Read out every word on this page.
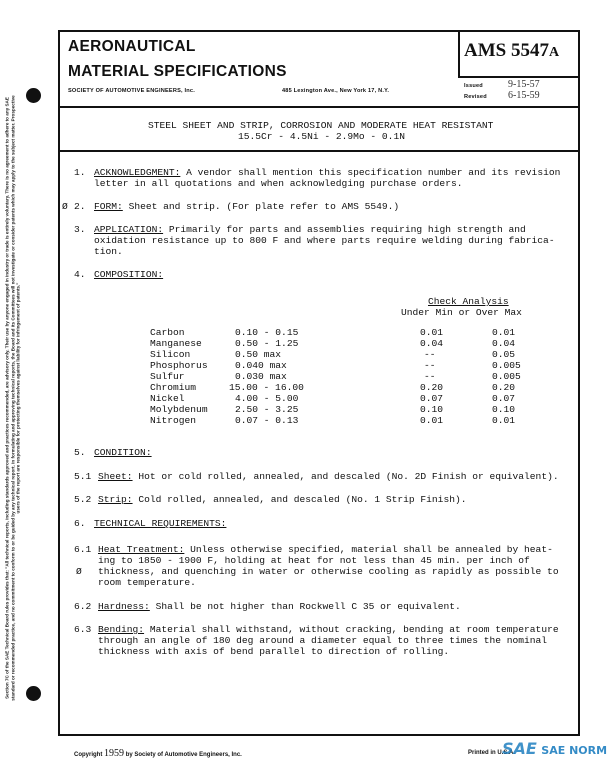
Section 7C of the SAE Technical Board rules provides that: "All technical reports, including standards approved and practices recommended, are advisory only. Their use by anyone engaged in industry or trade is entirely voluntary. There is no agreement to adhere to any SAE standard or recommended practice, and no commitment to conform to or be guided by any technical report. In formulating and approving technical reports, the Board and its Committees will not investigate or consider patents which may apply to the subject matter. Prospective users of the report are responsible for protecting themselves against liability for infringement of patents."
AERONAUTICAL
MATERIAL SPECIFICATIONS
SOCIETY OF AUTOMOTIVE ENGINEERS, Inc.	485 Lexington Ave., New York 17, N.Y.
AMS 5547A
Issued	9-15-57
Revised 6-15-59
STEEL SHEET AND STRIP, CORROSION AND MODERATE HEAT RESISTANT
15.5Cr - 4.5Ni - 2.9Mo - 0.1N
1. ACKNOWLEDGMENT: A vendor shall mention this specification number and its revision
letter in all quotations and when acknowledging purchase orders.
Ø 2. FORM: Sheet and strip. (For plate refer to AMS 5549.)
3. APPLICATION: Primarily for parts and assemblies requiring high strength and
oxidation resistance up to 800 F and where parts require welding during fabrica-
tion.
4. COMPOSITION:
Check Analysis
Under Min or Over Max
Carbon	0.10 - 0.15	0.01	0.01
Manganese	0.50 - 1.25	0.04	0.04
Silicon	0.50 max	--	0.05
Phosphorus	0.040 max	--	0.005
Sulfur	0.030 max	--	0.005
Chromium	15.00 - 16.00	0.20	0.20
Nickel	4.00 - 5.00	0.07	0.07
Molybdenum	2.50 - 3.25	0.10	0.10
Nitrogen	0.07 - 0.13	0.01	0.01
5. CONDITION:
5.1 Sheet: Hot or cold rolled, annealed, and descaled (No. 2D Finish or equivalent).
5.2 Strip: Cold rolled, annealed, and descaled (No. 1 Strip Finish).
6. TECHNICAL REQUIREMENTS:
6.1 Heat Treatment: Unless otherwise specified, material shall be annealed by heat-
ing to 1850 - 1900 F, holding at heat for not less than 45 min. per inch of
Ø thickness, and quenching in water or otherwise cooling as rapidly as possible to
room temperature.
6.2 Hardness: Shall be not higher than Rockwell C 35 or equivalent.
6.3 Bending: Material shall withstand, without cracking, bending at room temperature
through an angle of 180 deg around a diameter equal to three times the nominal
thickness with axis of bend parallel to direction of rolling.
Copyright 1959 by Society of Automotive Engineers, Inc.	Printed in U.S.A.
SAE SAE NORM
